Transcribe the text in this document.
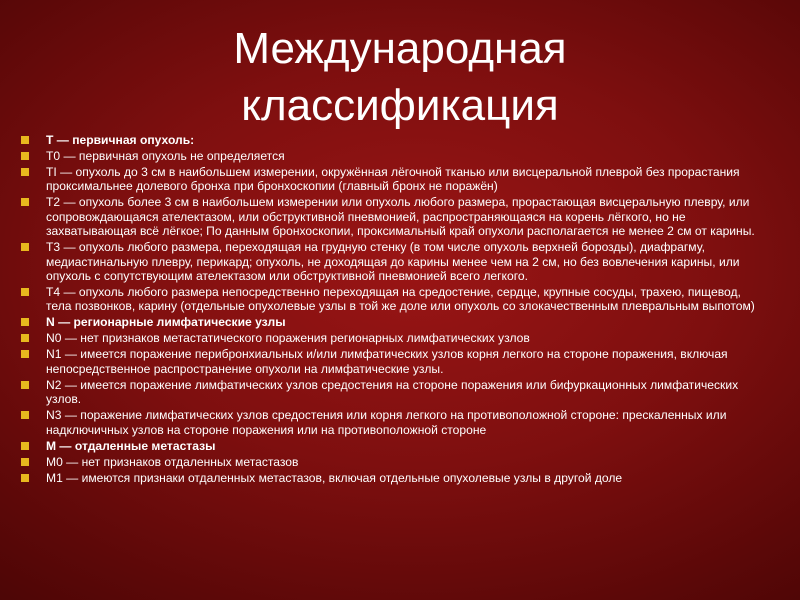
Международная
классификация
Т — первичная опухоль:
T0 — первичная опухоль не определяется
TI — опухоль до 3 см в наибольшем измерении, окружённая лёгочной тканью или висцеральной плеврой без прорастания проксимальнее долевого бронха при бронхоскопии (главный бронх не поражён)
T2 — опухоль более 3 см в наибольшем измерении или опухоль любого размера, прорастающая висцеральную плевру, или сопровождающаяся ателектазом, или обструктивной пневмонией, распространяющаяся на корень лёгкого, но не захватывающая всё лёгкое; По данным бронхоскопии, проксимальный край опухоли располагается не менее 2 см от карины.
T3 — опухоль любого размера, переходящая на грудную стенку (в том числе опухоль верхней борозды), диафрагму, медиастинальную плевру, перикард; опухоль, не доходящая до карины менее чем на 2 см, но без вовлечения карины, или опухоль с сопутствующим ателектазом или обструктивной пневмонией всего легкого.
T4 — опухоль любого размера непосредственно переходящая на средостение, сердце, крупные сосуды, трахею, пищевод, тела позвонков, карину (отдельные опухолевые узлы в той же доле или опухоль со злокачественным плевральным выпотом)
N — регионарные лимфатические узлы
N0 — нет признаков метастатического поражения регионарных лимфатических узлов
N1 — имеется поражение перибронхиальных и/или лимфатических узлов корня легкого на стороне поражения, включая непосредственное распространение опухоли на лимфатические узлы.
N2 — имеется поражение лимфатических узлов средостения на стороне поражения или бифуркационных лимфатических узлов.
N3 — поражение лимфатических узлов средостения или корня легкого на противоположной стороне: прескаленных или надключичных узлов на стороне поражения или на противоположной стороне
М — отдаленные метастазы
M0 — нет признаков отдаленных метастазов
M1 — имеются признаки отдаленных метастазов, включая отдельные опухолевые узлы в другой доле
